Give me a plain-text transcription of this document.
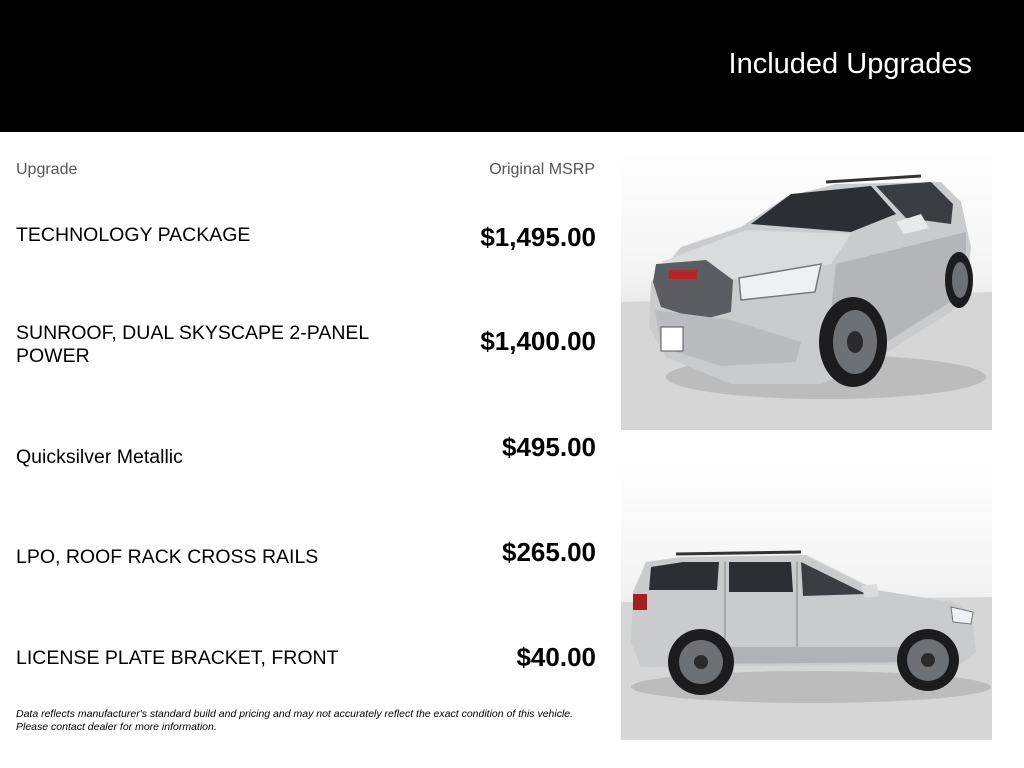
Included Upgrades
Upgrade	Original MSRP
TECHNOLOGY PACKAGE	$1,495.00
SUNROOF, DUAL SKYSCAPE 2-PANEL POWER	$1,400.00
Quicksilver Metallic	$495.00
LPO, ROOF RACK CROSS RAILS	$265.00
LICENSE PLATE BRACKET, FRONT	$40.00
Data reflects manufacturer's standard build and pricing and may not accurately reflect the exact condition of this vehicle. Please contact dealer for more information.
